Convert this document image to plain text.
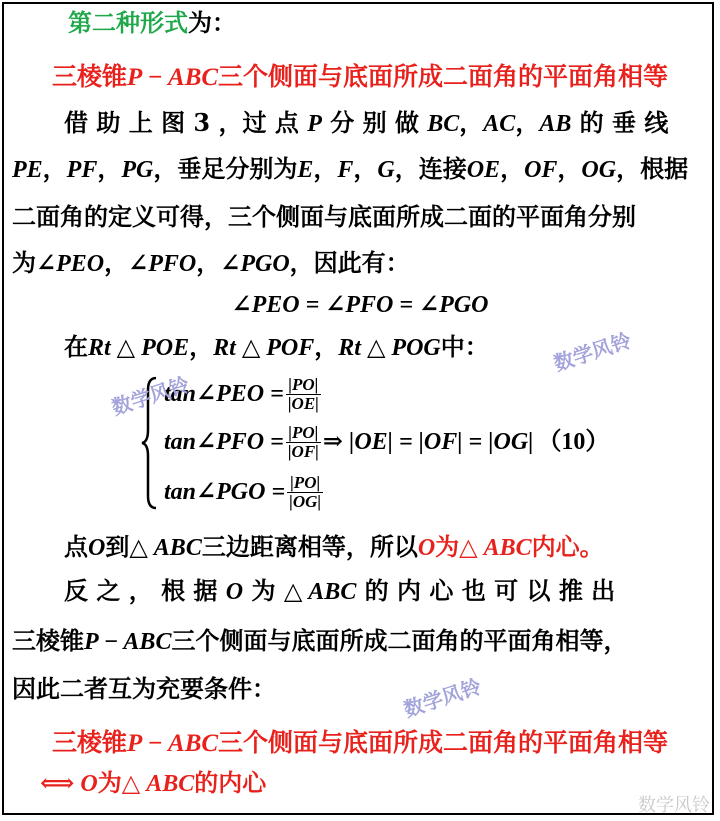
第二种形式为：
三棱锥P − ABC三个侧面与底面所成二面角的平面角相等
借 助 上 图 3 ，过 点 P 分 别 做 BC，AC，AB 的 垂 线
PE，PF，PG，垂足分别为E，F，G，连接OE，OF，OG，根据
二面角的定义可得，三个侧面与底面所成二面的平面角分别
为∠PEO，∠PFO，∠PGO，因此有：
∠PEO = ∠PFO = ∠PGO
在Rt △ POE，Rt △ POF，Rt △ POG中：
tan∠PEO = $\frac{|PO|}{|OE|}$
tan∠PFO = $\frac{|PO|}{|OF|}$ ⇒ |OE| = |OF| = |OG| （10）
tan∠PGO = $\frac{|PO|}{|OG|}$
点O到△ ABC三边距离相等，所以O为△ ABC内心。
反 之 ， 根 据 O 为 △ ABC 的 内 心 也 可 以 推 出
三棱锥P − ABC三个侧面与底面所成二面角的平面角相等，
因此二者互为充要条件：
三棱锥P − ABC三个侧面与底面所成二面角的平面角相等
⟺ O为△ ABC的内心
数学风铃
数学风铃
数学风铃
数学风铃
